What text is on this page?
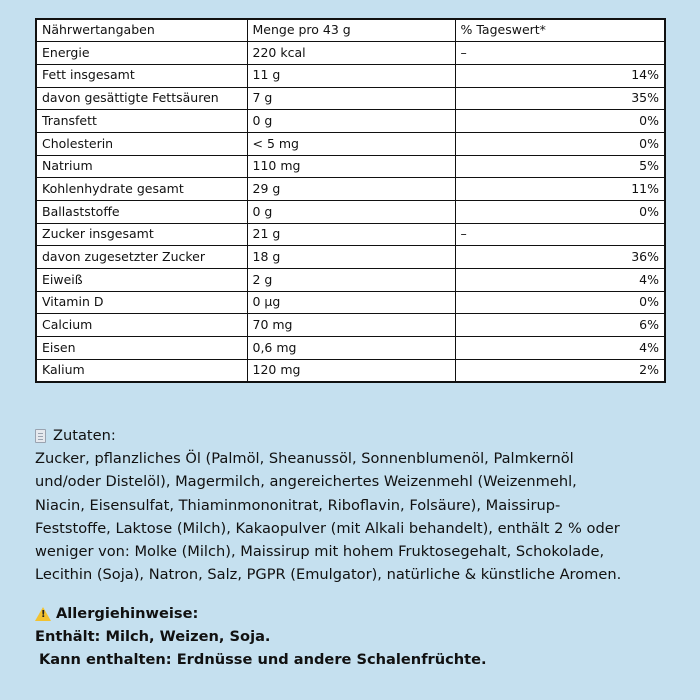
Nährwertangaben	Menge pro 43 g	% Tageswert*
Energie	220 kcal	–
Fett insgesamt	11 g	14%
davon gesättigte Fettsäuren	7 g	35%
Transfett	0 g	0%
Cholesterin	< 5 mg	0%
Natrium	110 mg	5%
Kohlenhydrate gesamt	29 g	11%
Ballaststoffe	0 g	0%
Zucker insgesamt	21 g	–
davon zugesetzter Zucker	18 g	36%
Eiweiß	2 g	4%
Vitamin D	0 µg	0%
Calcium	70 mg	6%
Eisen	0,6 mg	4%
Kalium	120 mg	2%
Zutaten:
Zucker, pflanzliches Öl (Palmöl, Sheanussöl, Sonnenblumenöl, Palmkernöl
und/oder Distelöl), Magermilch, angereichertes Weizenmehl (Weizenmehl,
Niacin, Eisensulfat, Thiaminmononitrat, Riboflavin, Folsäure), Maissirup-
Feststoffe, Laktose (Milch), Kakaopulver (mit Alkali behandelt), enthält 2 % oder
weniger von: Molke (Milch), Maissirup mit hohem Fruktosegehalt, Schokolade,
Lecithin (Soja), Natron, Salz, PGPR (Emulgator), natürliche & künstliche Aromen.
!
Allergiehinweise:
Enthält: Milch, Weizen, Soja.
Kann enthalten: Erdnüsse und andere Schalenfrüchte.
